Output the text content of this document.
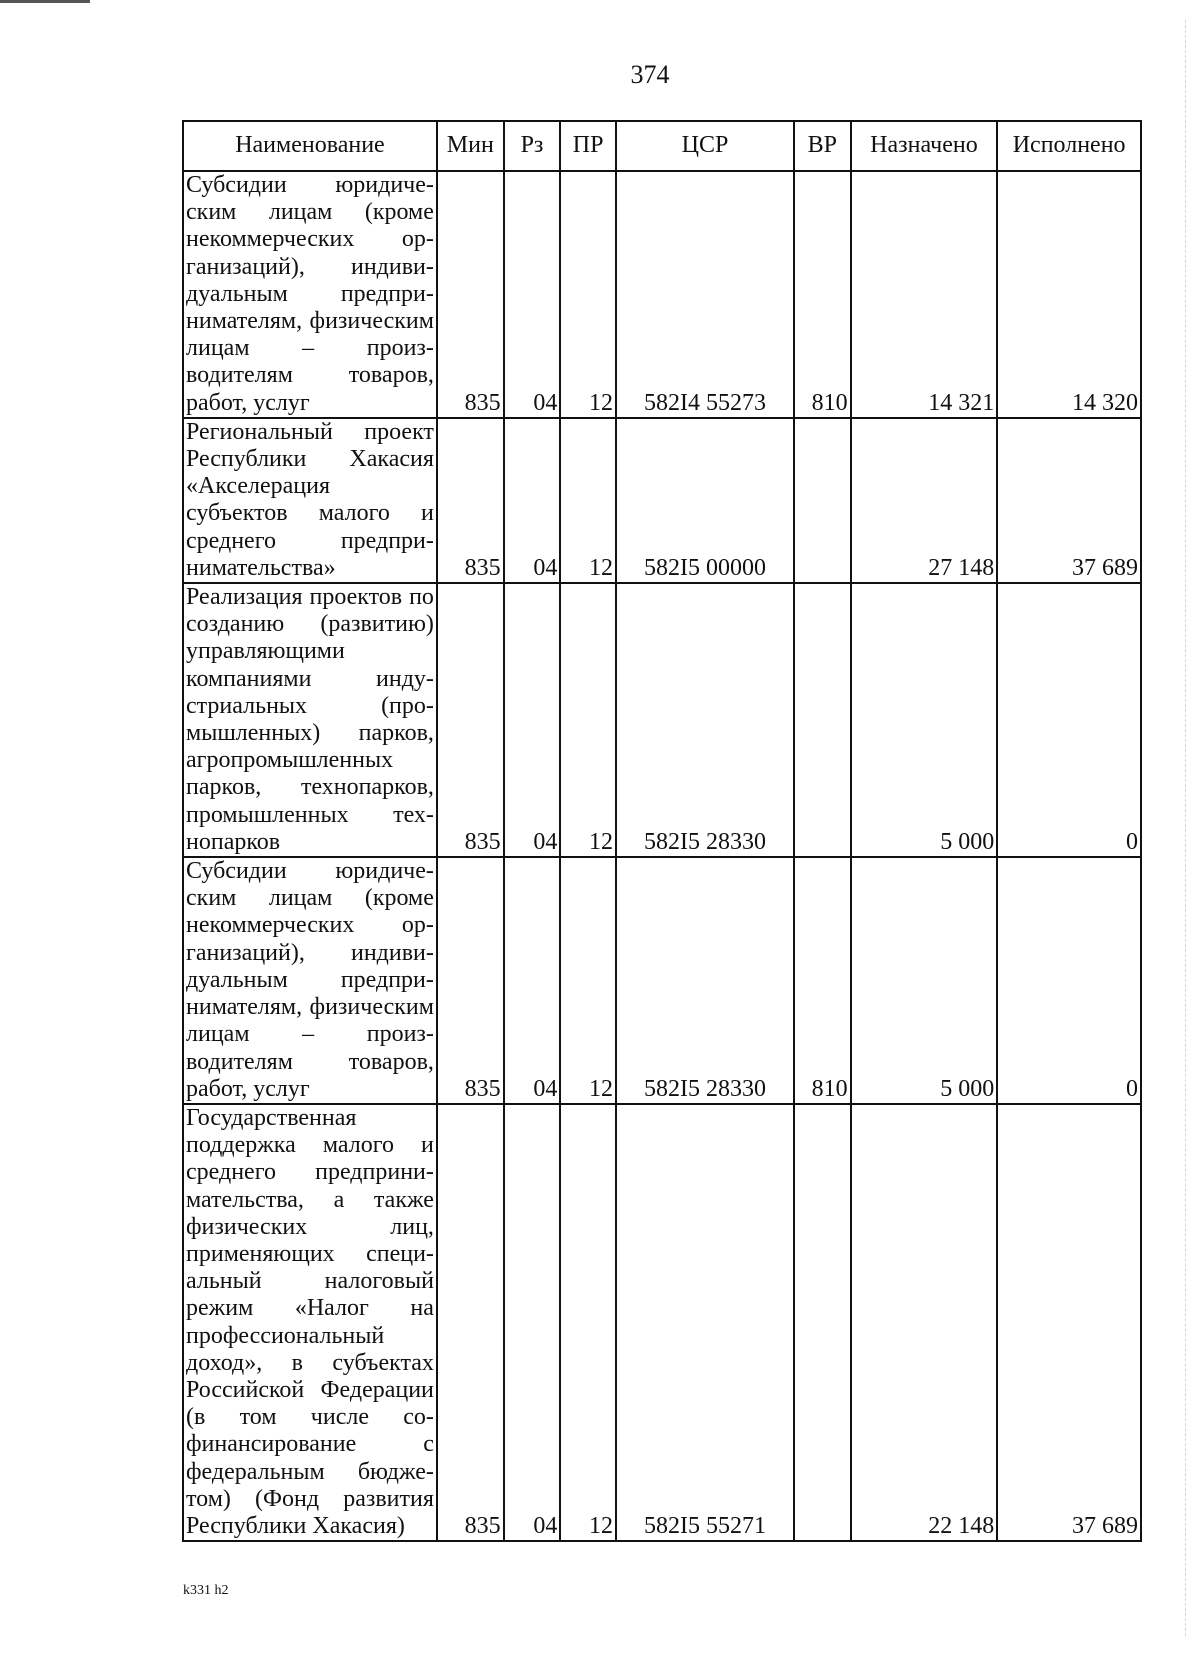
374
Наименование	Мин	Рз	ПР	ЦСР	ВР	Назначено	Исполнено
Субсидии юридическим лицам (кроме некоммерческих организаций), индивидуальным предпринимателям, физическим лицам – производителям товаров, работ, услуг	835	04	12	582I4 55273	810	14 321	14 320
Региональный проект Республики Хакасия «Акселерация субъектов малого и среднего предпринимательства»	835	04	12	582I5 00000		27 148	37 689
Реализация проектов по созданию (развитию) управляющими компаниями индустриальных (промышленных) парков, агропромышленных парков, технопарков, промышленных технопарков	835	04	12	582I5 28330		5 000	0
Субсидии юридическим лицам (кроме некоммерческих организаций), индивидуальным предпринимателям, физическим лицам – производителям товаров, работ, услуг	835	04	12	582I5 28330	810	5 000	0
Государственная поддержка малого и среднего предпринимательства, а также физических лиц, применяющих специальный налоговый режим «Налог на профессиональный доход», в субъектах Российской Федерации (в том числе софинансирование с федеральным бюджетом) (Фонд развития Республики Хакасия)	835	04	12	582I5 55271		22 148	37 689
k331 h2
